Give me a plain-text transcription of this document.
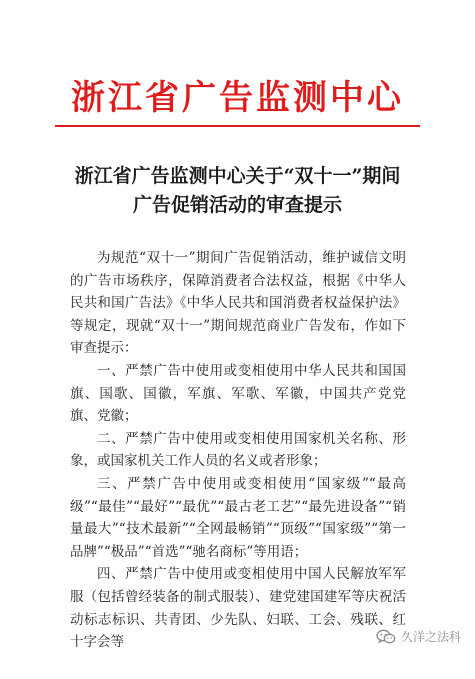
浙江省广告监测中心
浙江省广告监测中心关于“双十一”期间
广告促销活动的审查提示

为规范“双十一”期间广告促销活动，维护诚信文明的广告市场秩序，保障消费者合法权益，根据《中华人民共和国广告法》《中华人民共和国消费者权益保护法》等规定，现就“双十一”期间规范商业广告发布，作如下审查提示：

一、严禁广告中使用或变相使用中华人民共和国国旗、国歌、国徽，军旗、军歌、军徽，中国共产党党旗、党徽；

二、严禁广告中使用或变相使用国家机关名称、形象，或国家机关工作人员的名义或者形象；

三、严禁广告中使用或变相使用“国家级”“最高级”“最佳”“最好”“最优”“最古老工艺”“最先进设备”“销量最大”“技术最新”“全网最畅销”“顶级”“国家级”“第一品牌”“极品”“首选”“驰名商标”等用语；

四、严禁广告中使用或变相使用中国人民解放军军服（包括曾经装备的制式服装）、建党建国建军等庆祝活动标志标识、共青团、少先队、妇联、工会、残联、红十字会等	久洋之法科
